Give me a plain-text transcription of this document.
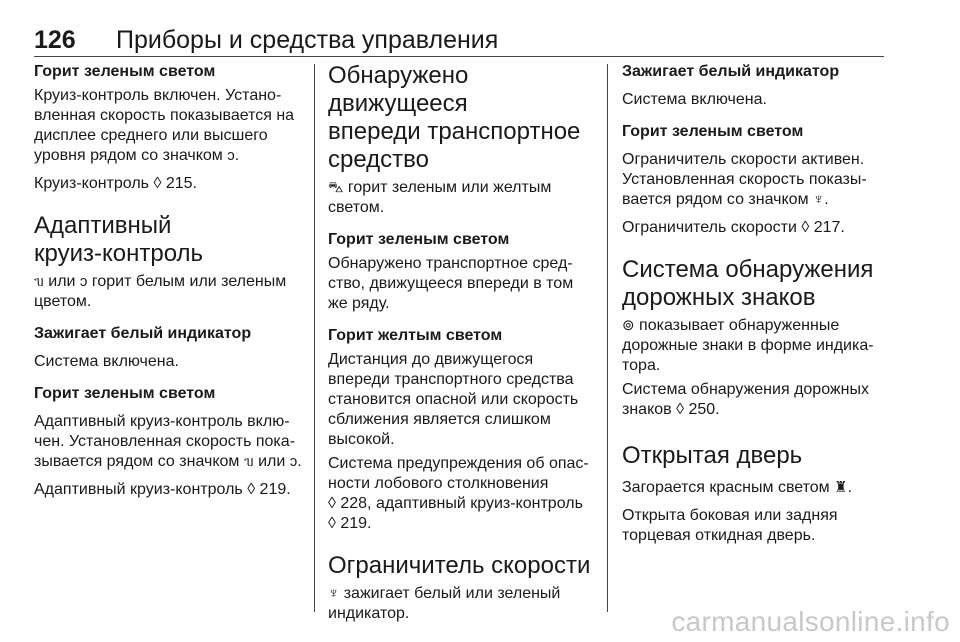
126 Приборы и средства управления

Горит зеленым светом

Круиз-контроль включен. Установленная скорость показывается на дисплее среднего или высшего уровня рядом со значком ↄ.

Круиз-контроль ◊ 215.

Адаптивный
круиз-контроль

ᥔ или ↄ горит белым или зеленым цветом.

Зажигает белый индикатор

Система включена.

Горит зеленым светом

Адаптивный круиз-контроль включен. Установленная скорость показывается рядом со значком ᥔ или ↄ.

Адаптивный круиз-контроль ◊ 219.

Обнаружено движущееся
впереди транспортное
средство

⛍ горит зеленым или желтым светом.

Горит зеленым светом

Обнаружено транспортное средство, движущееся впереди в том же ряду.

Горит желтым светом

Дистанция до движущегося впереди транспортного средства становится опасной или скорость сближения является слишком высокой.

Система предупреждения об опасности лобового столкновения
◊ 228, адаптивный круиз-контроль
◊ 219.

Ограничитель скорости

♆ зажигает белый или зеленый индикатор.

Зажигает белый индикатор

Система включена.

Горит зеленым светом

Ограничитель скорости активен. Установленная скорость показывается рядом со значком ♆.

Ограничитель скорости ◊ 217.

Система обнаружения
дорожных знаков

⊚ показывает обнаруженные дорожные знаки в форме индикатора.

Система обнаружения дорожных знаков ◊ 250.

Открытая дверь

Загорается красным светом ♜.

Открыта боковая или задняя торцевая откидная дверь.

carmanualsonline.info
